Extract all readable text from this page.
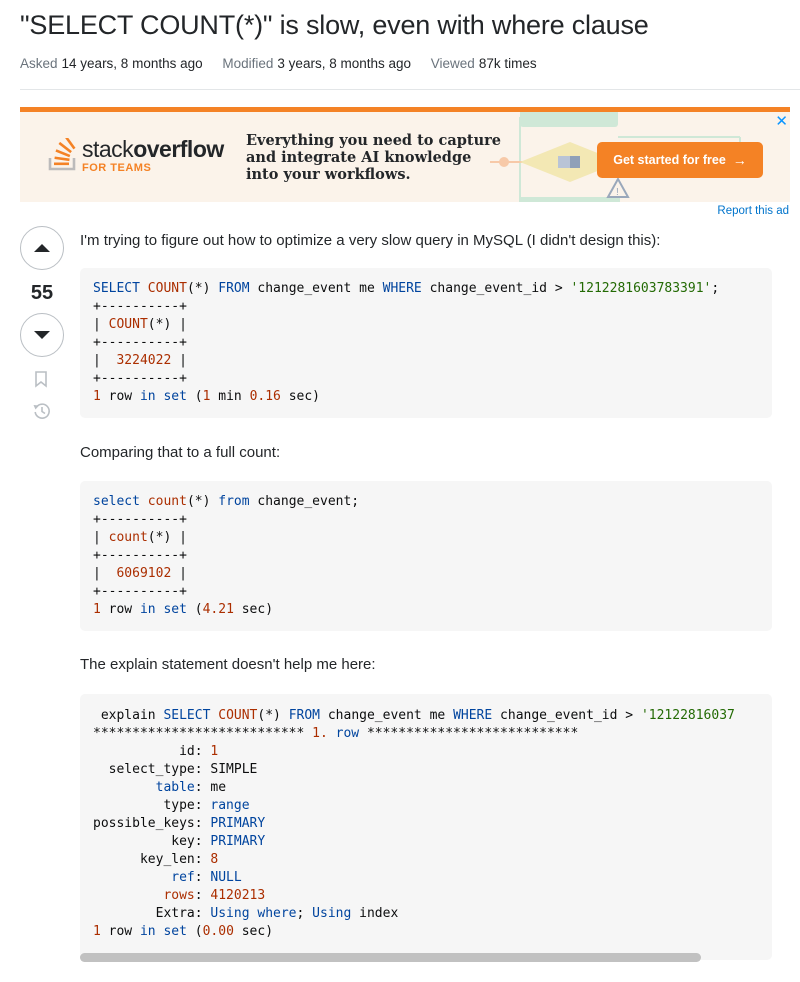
"SELECT COUNT(*)" is slow, even with where clause
Asked 14 years, 8 months ago Modified 3 years, 8 months ago Viewed 87k times
!
stackoverflow
FOR TEAMS
Everything you need to capture and integrate AI knowledge into your workflows.
Get started for free →
✕
Report this ad
55

I'm trying to figure out how to optimize a very slow query in MySQL (I didn't design this):

SELECT COUNT(*) FROM change_event me WHERE change_event_id > '1212281603783391';
+----------+
| COUNT(*) |
+----------+
|  3224022 |
+----------+
1 row in set (1 min 0.16 sec)

Comparing that to a full count:

select count(*) from change_event;
+----------+
| count(*) |
+----------+
|  6069102 |
+----------+
1 row in set (4.21 sec)

The explain statement doesn't help me here:

explain SELECT COUNT(*) FROM change_event me WHERE change_event_id > '12122816037
*************************** 1. row ***************************
id: 1
select_type: SIMPLE
table: me
type: range
possible_keys: PRIMARY
key: PRIMARY
key_len: 8
ref: NULL
rows: 4120213
Extra: Using where; Using index
1 row in set (0.00 sec)
